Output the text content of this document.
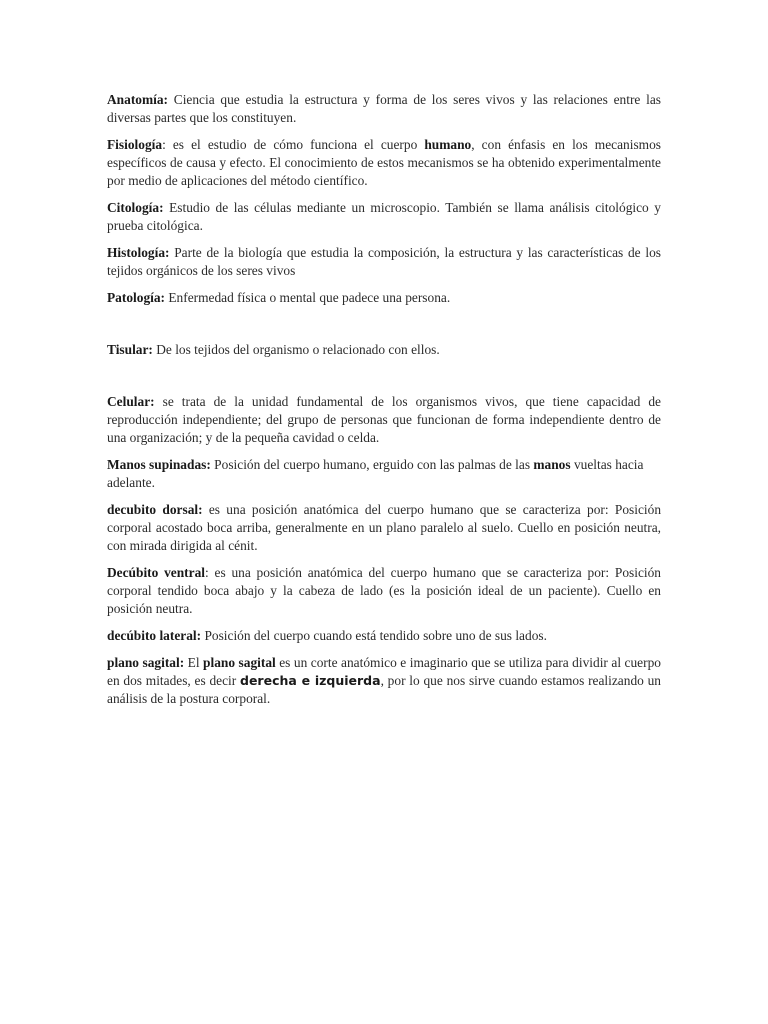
Anatomía: Ciencia que estudia la estructura y forma de los seres vivos y las relaciones entre las diversas partes que los constituyen.

Fisiología: es el estudio de cómo funciona el cuerpo humano, con énfasis en los mecanismos específicos de causa y efecto. El conocimiento de estos mecanismos se ha obtenido experimentalmente por medio de aplicaciones del método científico.

Citología: Estudio de las células mediante un microscopio. También se llama análisis citológico y prueba citológica.

Histología: Parte de la biología que estudia la composición, la estructura y las características de los tejidos orgánicos de los seres vivos

Patología: Enfermedad física o mental que padece una persona.

Tisular: De los tejidos del organismo o relacionado con ellos.

Celular: se trata de la unidad fundamental de los organismos vivos, que tiene capacidad de reproducción independiente; del grupo de personas que funcionan de forma independiente dentro de una organización; y de la pequeña cavidad o celda.

Manos supinadas: Posición del cuerpo humano, erguido con las palmas de las manos vueltas hacia adelante.

decubito dorsal: es una posición anatómica del cuerpo humano que se caracteriza por: Posición corporal acostado boca arriba, generalmente en un plano paralelo al suelo. Cuello en posición neutra, con mirada dirigida al cénit.

Decúbito ventral: es una posición anatómica del cuerpo humano que se caracteriza por: Posición corporal tendido boca abajo y la cabeza de lado (es la posición ideal de un paciente). Cuello en posición neutra.

decúbito lateral: Posición del cuerpo cuando está tendido sobre uno de sus lados.

plano sagital: El plano sagital es un corte anatómico e imaginario que se utiliza para dividir al cuerpo en dos mitades, es decir derecha e izquierda, por lo que nos sirve cuando estamos realizando un análisis de la postura corporal.
